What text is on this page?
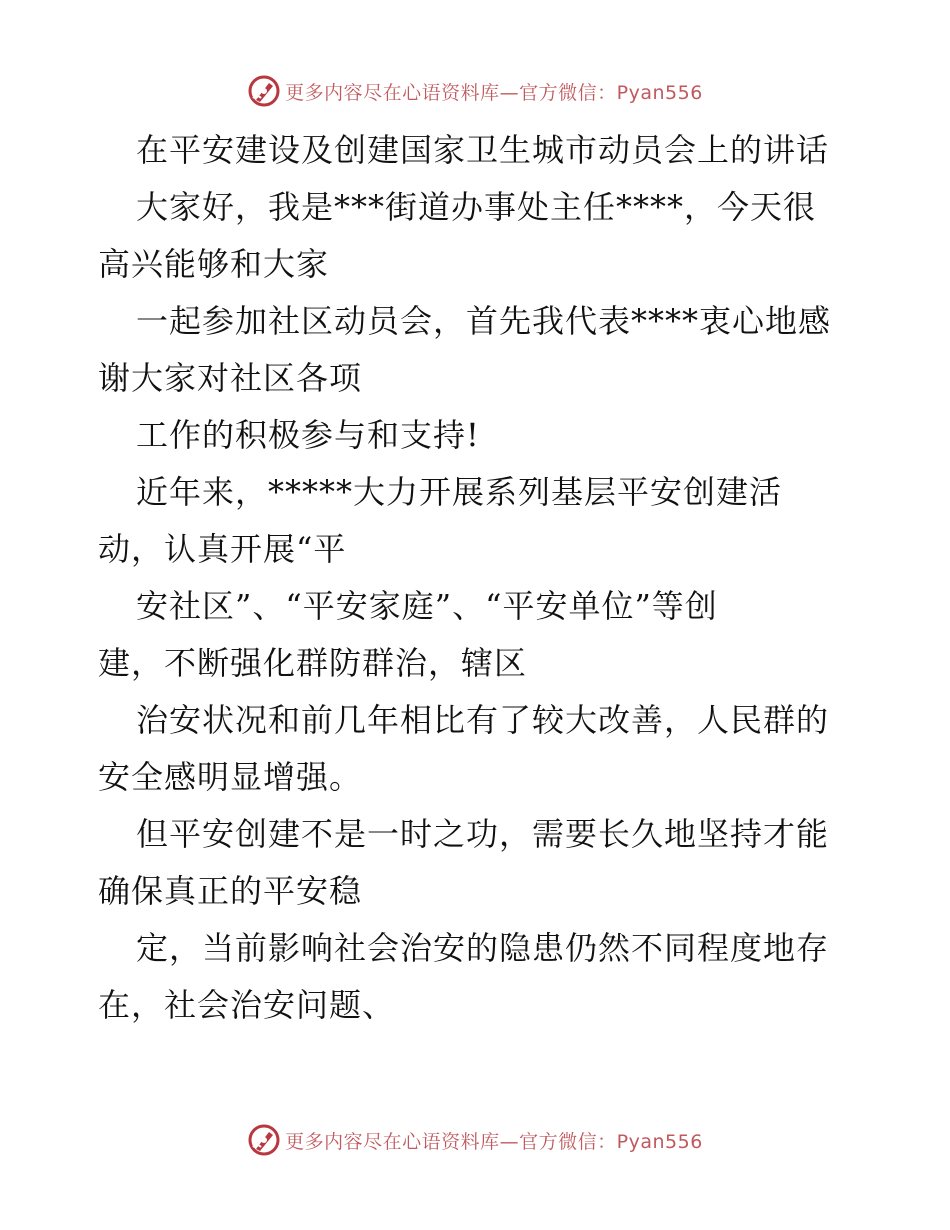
更多内容尽在心语资料库—官方微信：Pyan556
在平安建设及创建国家卫生城市动员会上的讲话
大家好，我是***街道办事处主任****，今天很
高兴能够和大家
一起参加社区动员会，首先我代表****衷心地感
谢大家对社区各项
工作的积极参与和支持!
近年来，*****大力开展系列基层平安创建活
动，认真开展“平
安社区”、“平安家庭”、“平安单位”等创
建，不断强化群防群治，辖区
治安状况和前几年相比有了较大改善，人民群的
安全感明显增强。
但平安创建不是一时之功，需要长久地坚持才能
确保真正的平安稳
定，当前影响社会治安的隐患仍然不同程度地存
在，社会治安问题、
更多内容尽在心语资料库—官方微信：Pyan556
